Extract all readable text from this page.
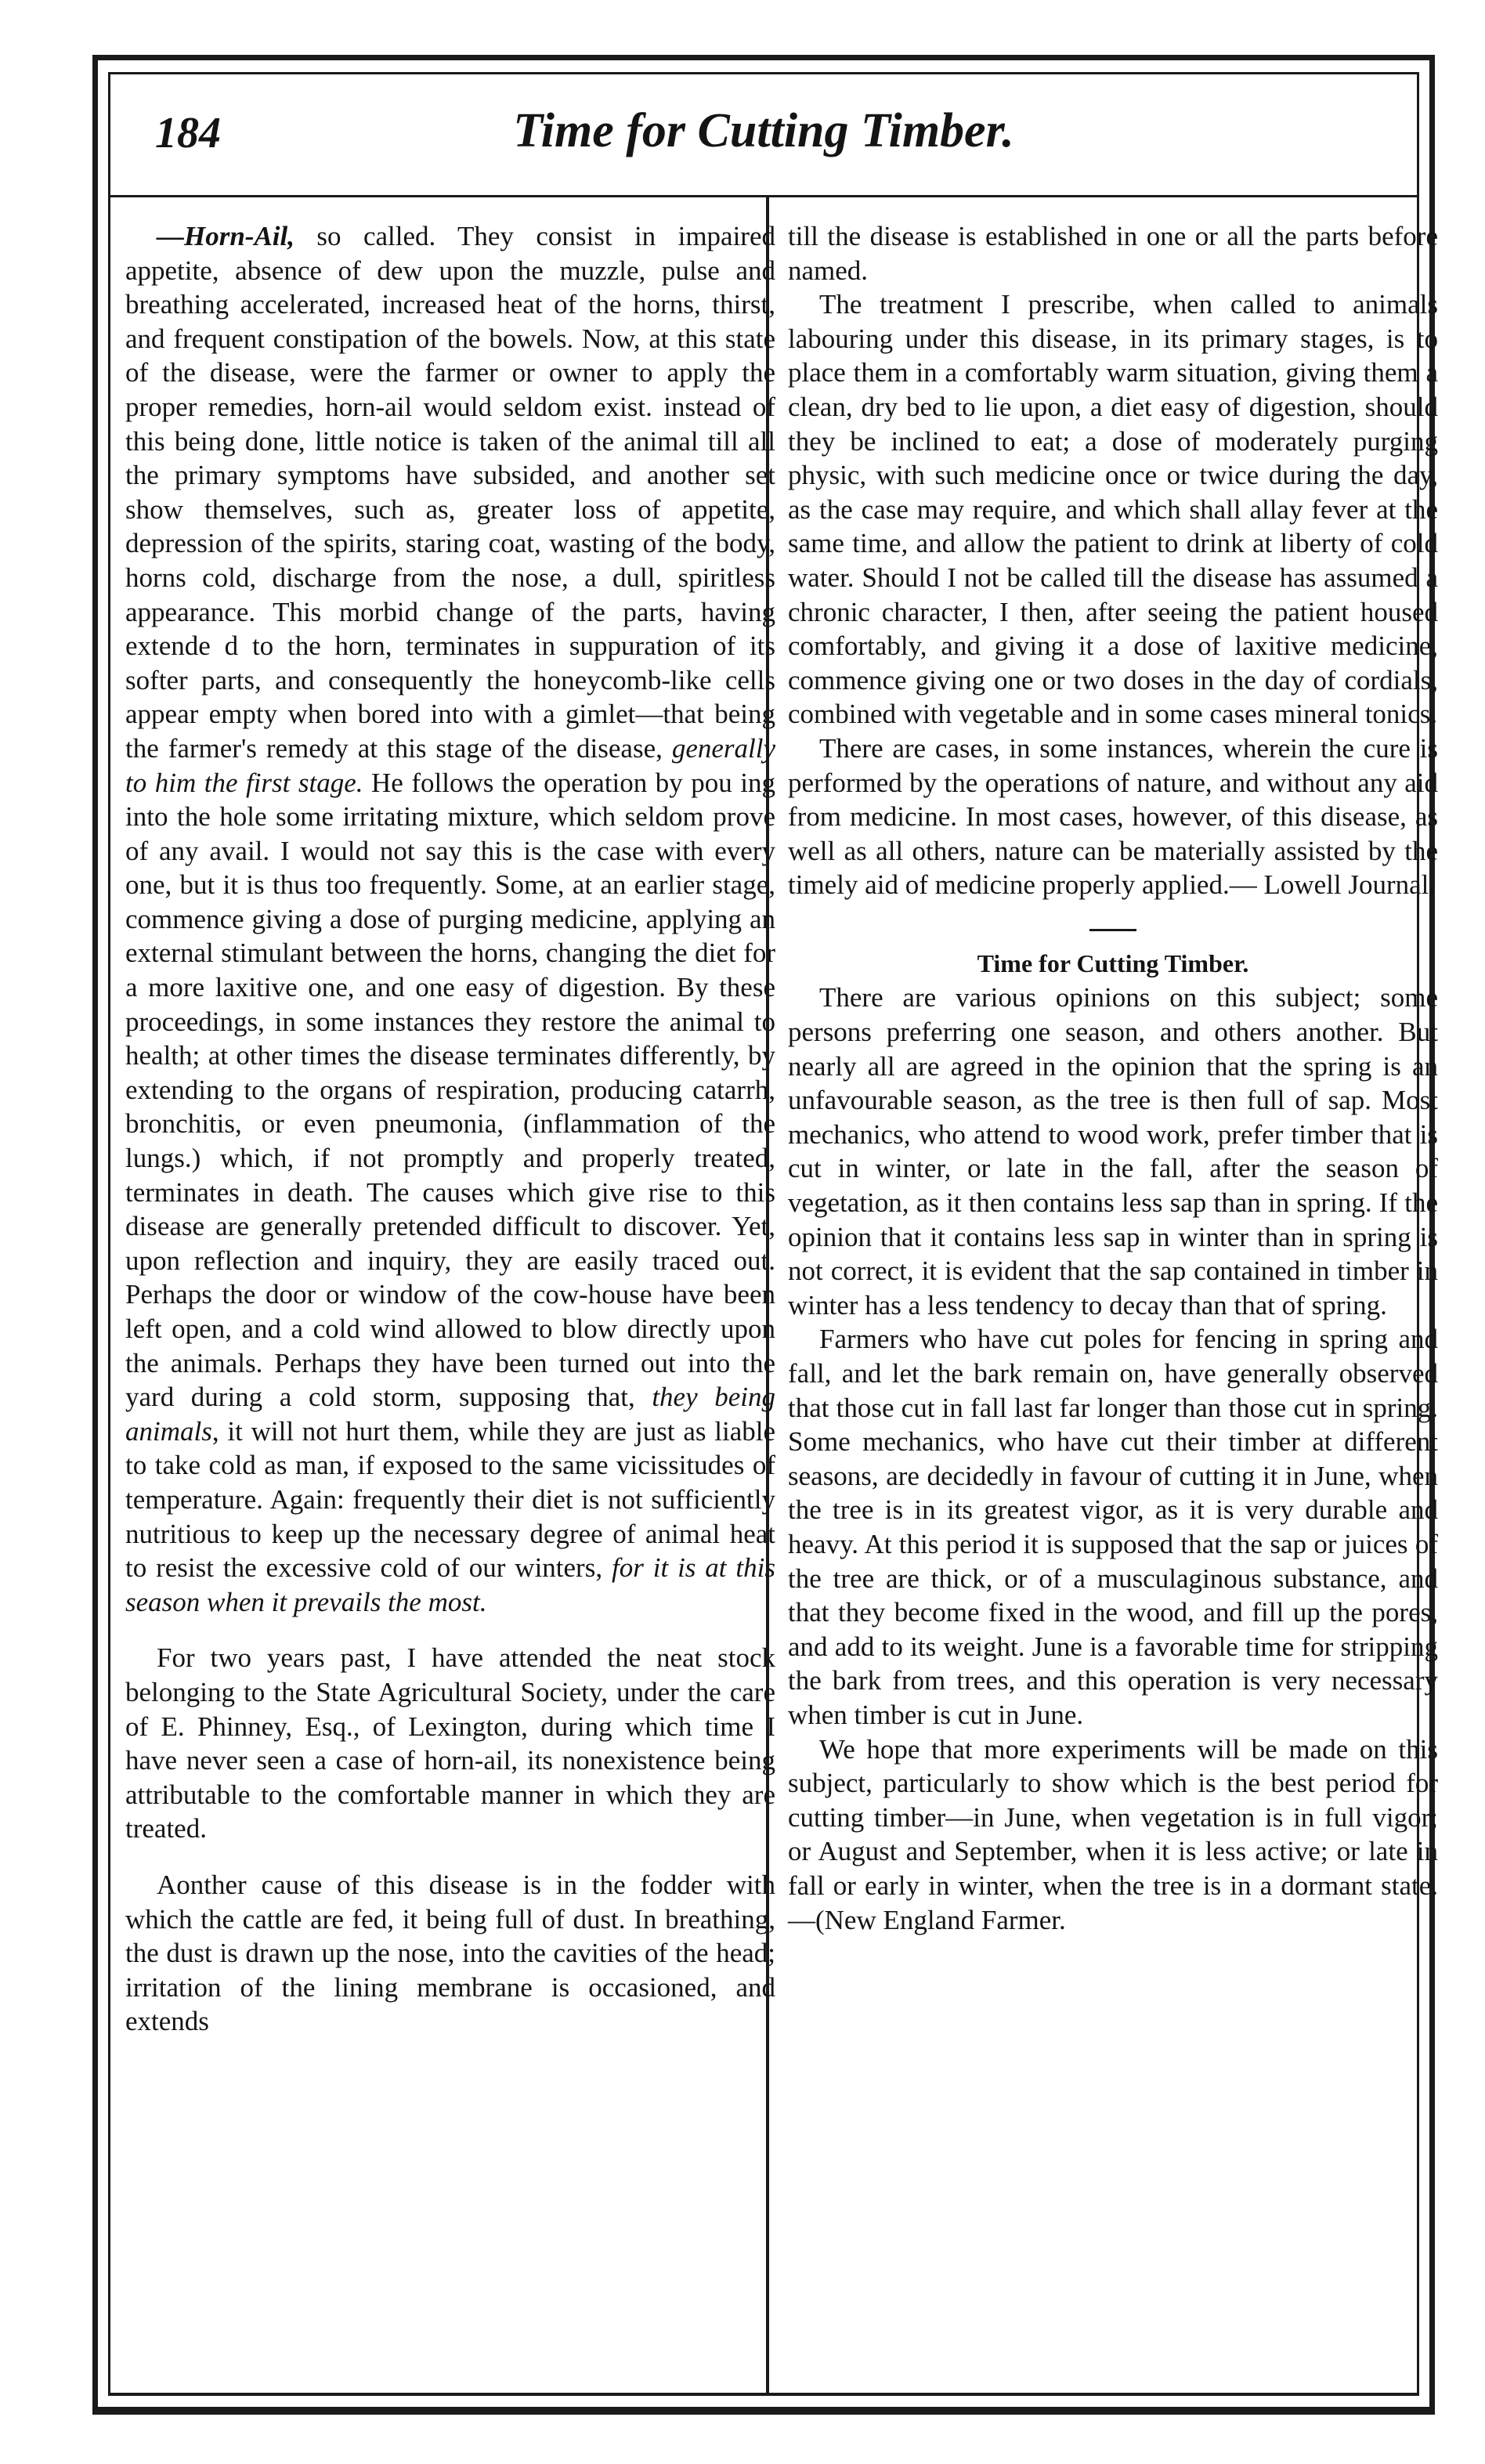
184	Time for Cutting Timber.

—Horn-Ail, so called. They consist in impaired appetite, absence of dew upon the muzzle, pulse and breathing accelerated, increased heat of the horns, thirst, and frequent constipation of the bowels. Now, at this state of the disease, were the farmer or owner to apply the proper remedies, horn-ail would seldom exist. instead of this being done, little notice is taken of the animal till all the primary symptoms have subsided, and another set show themselves, such as, greater loss of appetite, depression of the spirits, staring coat, wasting of the body, horns cold, discharge from the nose, a dull, spiritless appearance. This morbid change of the parts, having extende d to the horn, terminates in suppuration of its softer parts, and consequently the honeycomb-like cells appear empty when bored into with a gimlet—that being the farmer's remedy at this stage of the disease, generally to him the first stage. He follows the operation by pou ing into the hole some irritating mixture, which seldom prove of any avail. I would not say this is the case with every one, but it is thus too frequently. Some, at an earlier stage, commence giving a dose of purging medicine, applying an external stimulant between the horns, changing the diet for a more laxitive one, and one easy of digestion. By these proceedings, in some instances they restore the animal to health; at other times the disease terminates differently, by extending to the organs of respiration, producing catarrh, bronchitis, or even pneumonia, (inflammation of the lungs.) which, if not promptly and properly treated, terminates in death. The causes which give rise to this disease are generally pretended difficult to discover. Yet, upon reflection and inquiry, they are easily traced out. Perhaps the door or window of the cow-house have been left open, and a cold wind allowed to blow directly upon the animals. Perhaps they have been turned out into the yard during a cold storm, supposing that, they being animals, it will not hurt them, while they are just as liable to take cold as man, if exposed to the same vicissitudes of temperature. Again: frequently their diet is not sufficiently nutritious to keep up the necessary degree of animal heat to resist the excessive cold of our winters, for it is at this season when it prevails the most.

For two years past, I have attended the neat stock belonging to the State Agricultural Society, under the care of E. Phinney, Esq., of Lexington, during which time I have never seen a case of horn-ail, its nonexistence being attributable to the comfortable manner in which they are treated.

Aonther cause of this disease is in the fodder with which the cattle are fed, it being full of dust. In breathing, the dust is drawn up the nose, into the cavities of the head; irritation of the lining membrane is occasioned, and extends

till the disease is established in one or all the parts before named.

The treatment I prescribe, when called to animals labouring under this disease, in its primary stages, is to place them in a comfortably warm situation, giving them a clean, dry bed to lie upon, a diet easy of digestion, should they be inclined to eat; a dose of moderately purging physic, with such medicine once or twice during the day, as the case may require, and which shall allay fever at the same time, and allow the patient to drink at liberty of cold water. Should I not be called till the disease has assumed a chronic character, I then, after seeing the patient housed comfortably, and giving it a dose of laxitive medicine, commence giving one or two doses in the day of cordials, combined with vegetable and in some cases mineral tonics.

There are cases, in some instances, wherein the cure is performed by the operations of nature, and without any aid from medicine. In most cases, however, of this disease, as well as all others, nature can be materially assisted by the timely aid of medicine properly applied.— Lowell Journal.

Time for Cutting Timber.

There are various opinions on this subject; some persons preferring one season, and others another. But nearly all are agreed in the opinion that the spring is an unfavourable season, as the tree is then full of sap. Most mechanics, who attend to wood work, prefer timber that is cut in winter, or late in the fall, after the season of vegetation, as it then contains less sap than in spring. If the opinion that it contains less sap in winter than in spring is not correct, it is evident that the sap contained in timber in winter has a less tendency to decay than that of spring.

Farmers who have cut poles for fencing in spring and fall, and let the bark remain on, have generally observed that those cut in fall last far longer than those cut in spring. Some mechanics, who have cut their timber at different seasons, are decidedly in favour of cutting it in June, when the tree is in its greatest vigor, as it is very durable and heavy. At this period it is supposed that the sap or juices of the tree are thick, or of a musculaginous substance, and that they become fixed in the wood, and fill up the pores, and add to its weight. June is a favorable time for stripping the bark from trees, and this operation is very necessary when timber is cut in June.

We hope that more experiments will be made on this subject, particularly to show which is the best period for cutting timber—in June, when vegetation is in full vigor; or August and September, when it is less active; or late in fall or early in winter, when the tree is in a dormant state.—(New England Farmer.
